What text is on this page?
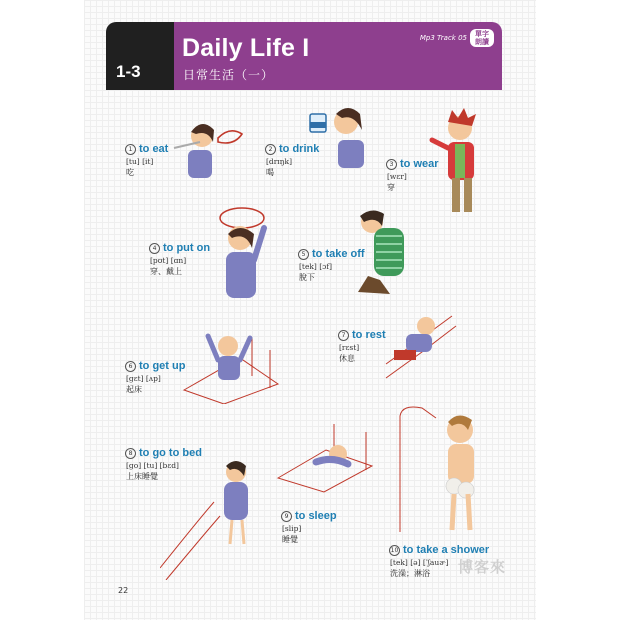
1-3
Daily Life I
日常生活（一）
Mp3 Track 05	單字朗讀
1 to eat
[tu] [it]
吃
2 to drink
[drɪŋk]
喝
3 to wear
[wɛr]
穿
4 to put on
[pʊt] [ɑn]
穿、戴上
5 to take off
[tek] [ɔf]
脫下
6 to get up
[gɛt] [ʌp]
起床
7 to rest
[rɛst]
休息
8 to go to bed
[go] [tu] [bɛd]
上床睡覺
9 to sleep
[slip]
睡覺
10 to take a shower
[tek] [ə] [ˈʃauɚ]
洗澡；淋浴
22
博客來
